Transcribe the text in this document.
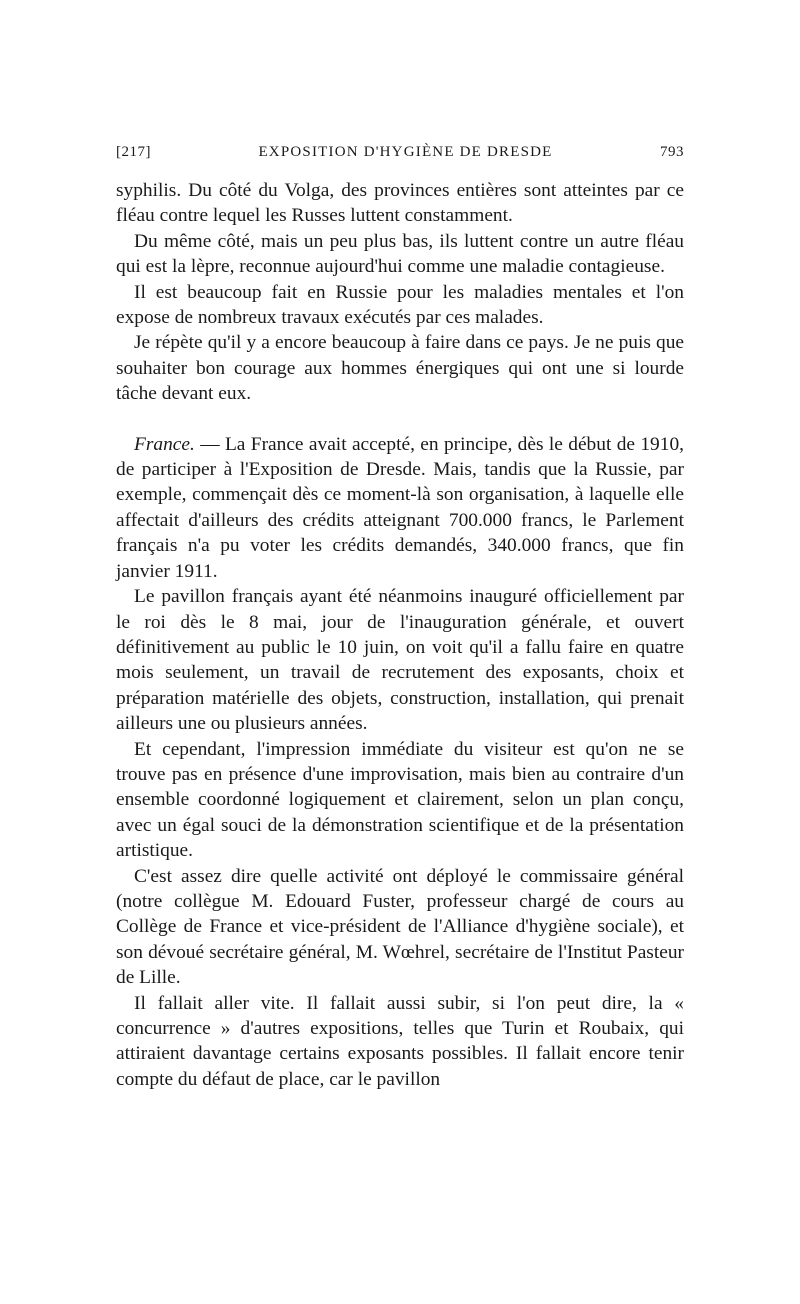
[217]	EXPOSITION D'HYGIÈNE DE DRESDE	793

syphilis. Du côté du Volga, des provinces entières sont atteintes par ce fléau contre lequel les Russes luttent constamment.

Du même côté, mais un peu plus bas, ils luttent contre un autre fléau qui est la lèpre, reconnue aujourd'hui comme une maladie contagieuse.

Il est beaucoup fait en Russie pour les maladies mentales et l'on expose de nombreux travaux exécutés par ces malades.

Je répète qu'il y a encore beaucoup à faire dans ce pays. Je ne puis que souhaiter bon courage aux hommes énergiques qui ont une si lourde tâche devant eux.

France. — La France avait accepté, en principe, dès le début de 1910, de participer à l'Exposition de Dresde. Mais, tandis que la Russie, par exemple, commençait dès ce moment-là son organisation, à laquelle elle affectait d'ailleurs des crédits atteignant 700.000 francs, le Parlement français n'a pu voter les crédits demandés, 340.000 francs, que fin janvier 1911.

Le pavillon français ayant été néanmoins inauguré officiellement par le roi dès le 8 mai, jour de l'inauguration générale, et ouvert définitivement au public le 10 juin, on voit qu'il a fallu faire en quatre mois seulement, un travail de recrutement des exposants, choix et préparation matérielle des objets, construction, installation, qui prenait ailleurs une ou plusieurs années.

Et cependant, l'impression immédiate du visiteur est qu'on ne se trouve pas en présence d'une improvisation, mais bien au contraire d'un ensemble coordonné logiquement et clairement, selon un plan conçu, avec un égal souci de la démonstration scientifique et de la présentation artistique.

C'est assez dire quelle activité ont déployé le commissaire général (notre collègue M. Edouard Fuster, professeur chargé de cours au Collège de France et vice-président de l'Alliance d'hygiène sociale), et son dévoué secrétaire général, M. Wœhrel, secrétaire de l'Institut Pasteur de Lille.

Il fallait aller vite. Il fallait aussi subir, si l'on peut dire, la « concurrence » d'autres expositions, telles que Turin et Roubaix, qui attiraient davantage certains exposants possibles. Il fallait encore tenir compte du défaut de place, car le pavillon
